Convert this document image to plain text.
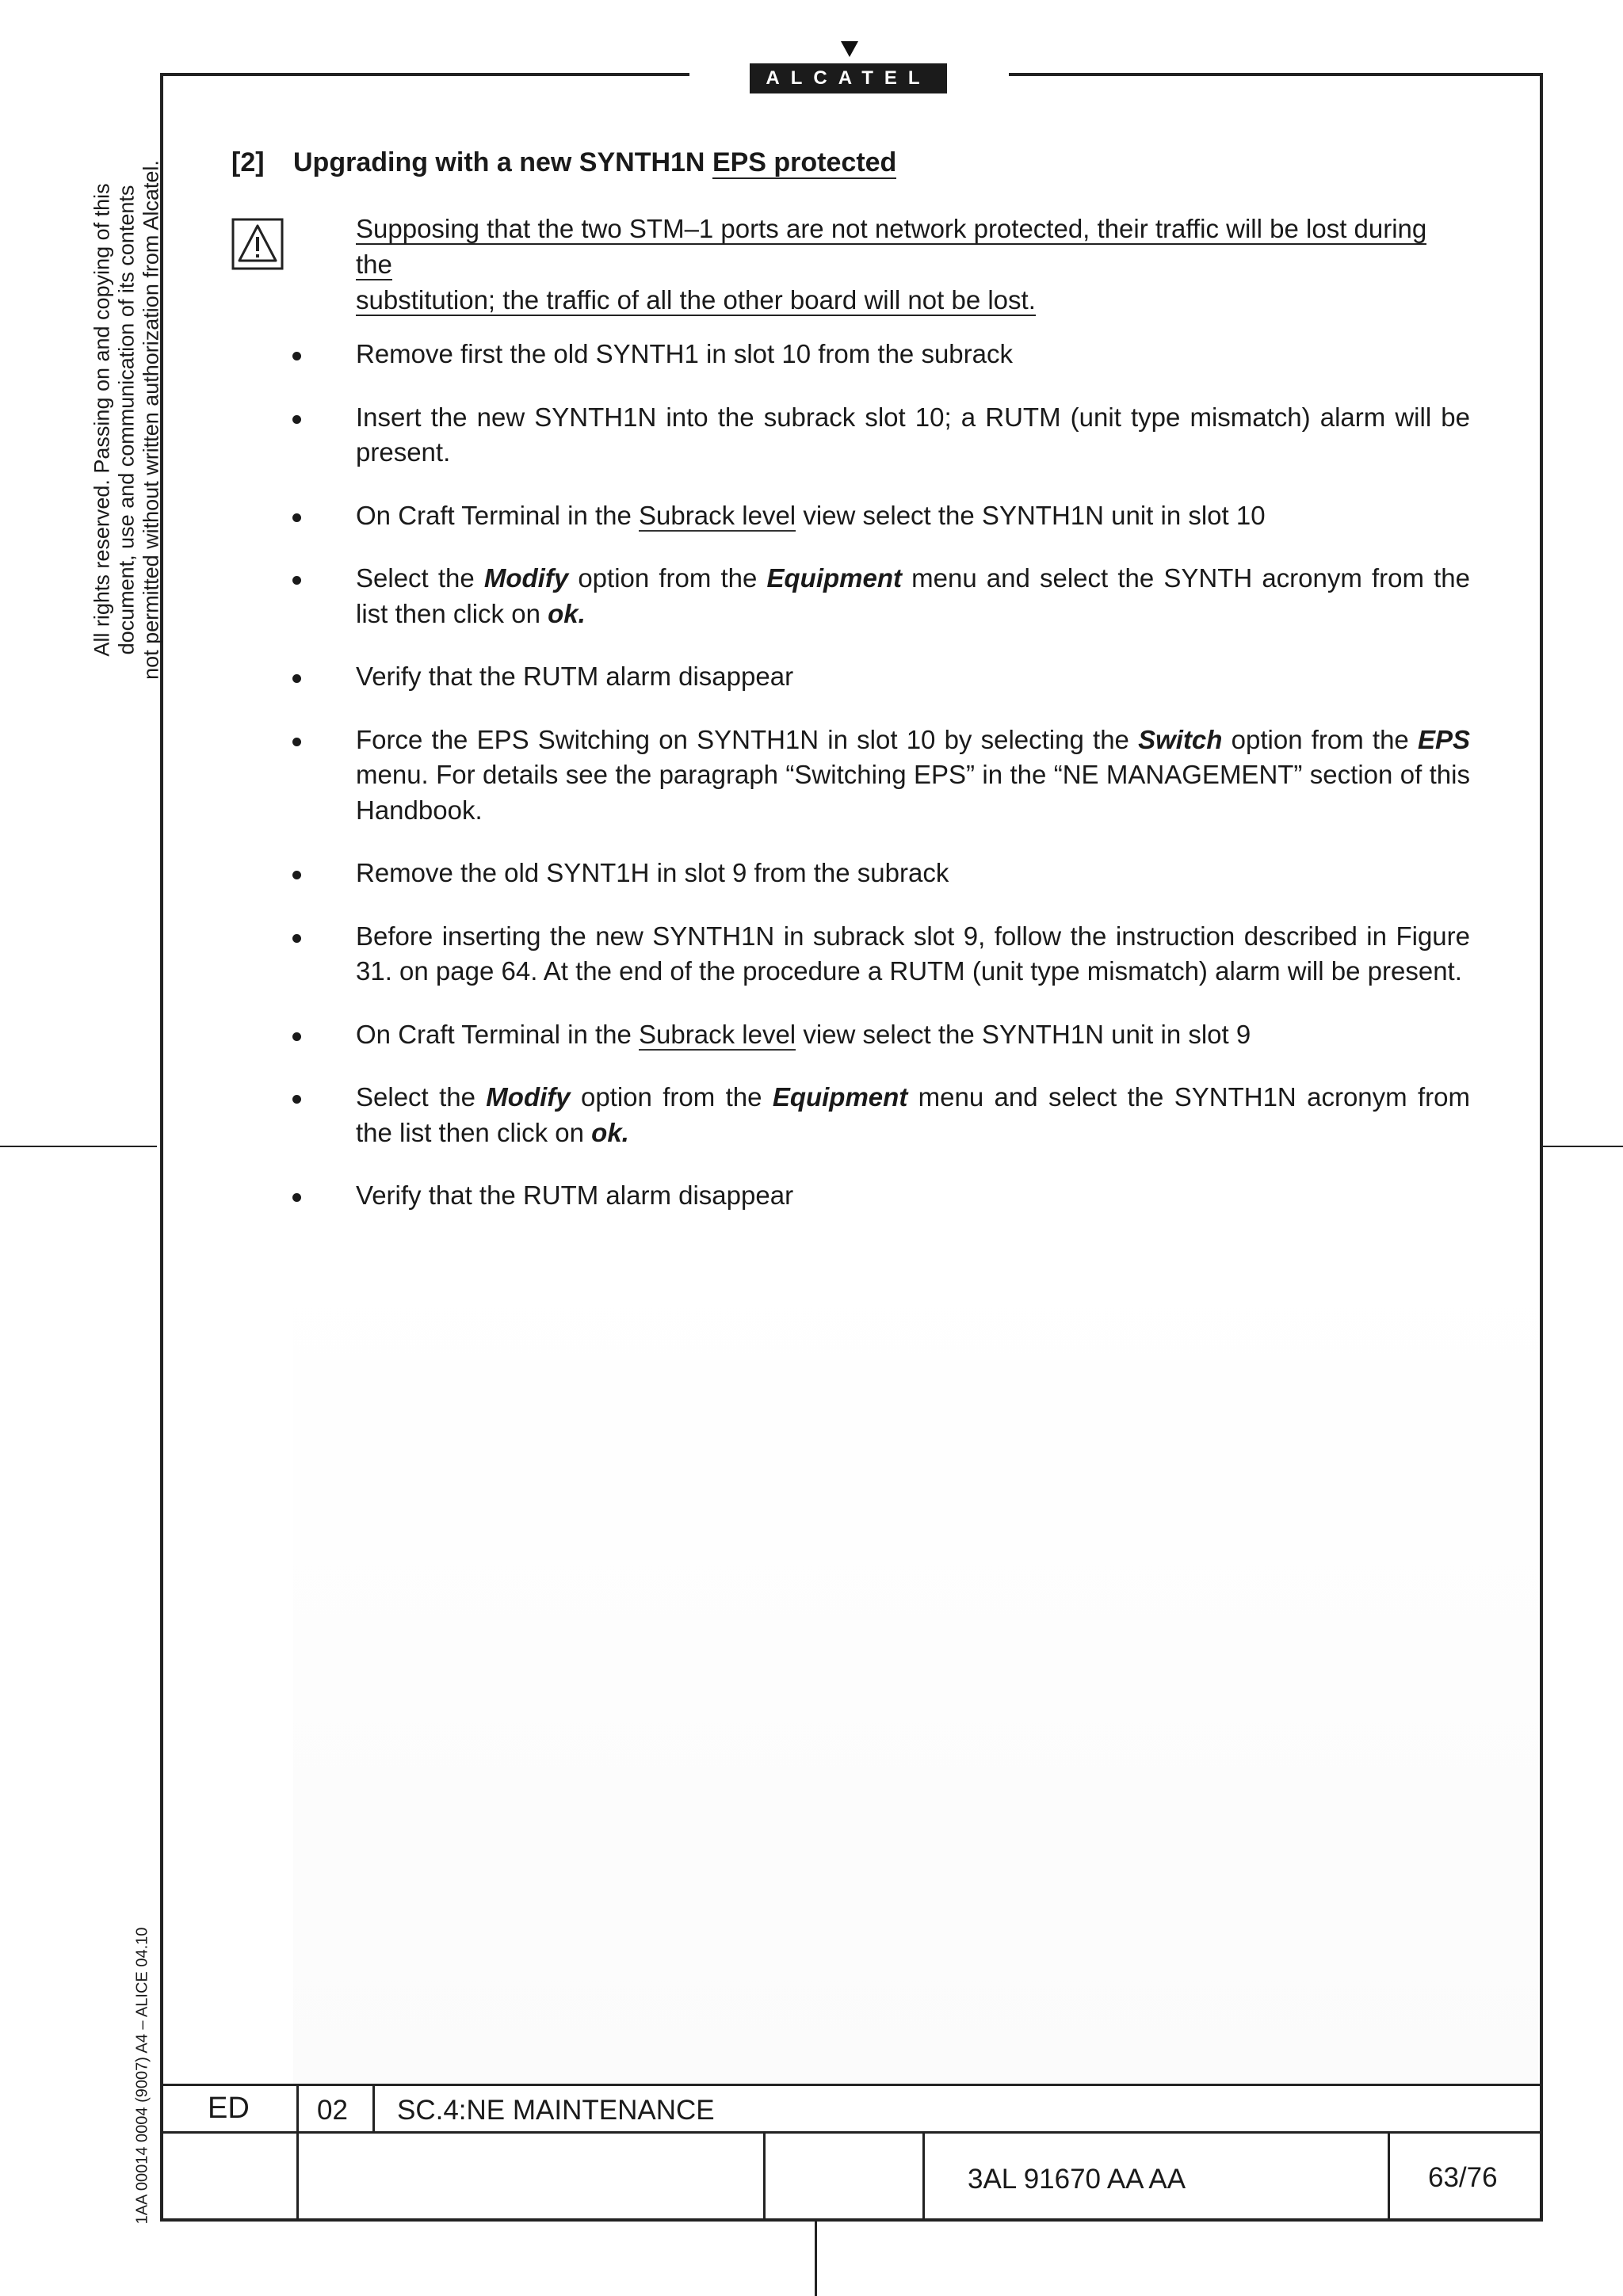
ALCATEL
All rights reserved. Passing on and copying of this document, use and communication of its contents not permitted without written authorization from Alcatel.
1AA 00014 0004 (9007) A4 – ALICE 04.10
[2] Upgrading with a new SYNTH1N EPS protected
Supposing that the two STM–1 ports are not network protected, their traffic will be lost during the
substitution; the traffic of all the other board will not be lost.
Remove first the old SYNTH1 in slot 10 from the subrack
Insert the new SYNTH1N into the subrack slot 10; a RUTM (unit type mismatch) alarm will be present.
On Craft Terminal in the Subrack level view select the SYNTH1N unit in slot 10
Select the Modify option from the Equipment menu and select the SYNTH acronym from the list then click on ok.
Verify that the RUTM alarm disappear
Force the EPS Switching on SYNTH1N in slot 10 by selecting the Switch option from the EPS menu. For details see the paragraph “Switching EPS” in the “NE MANAGEMENT” section of this Handbook.
Remove the old SYNT1H in slot 9 from the subrack
Before inserting the new SYNTH1N in subrack slot 9, follow the instruction described in Figure 31. on page 64. At the end of the procedure a RUTM (unit type mismatch) alarm will be present.
On Craft Terminal in the Subrack level view select the SYNTH1N unit in slot 9
Select the Modify option from the Equipment menu and select the SYNTH1N acronym from the list then click on ok.
Verify that the RUTM alarm disappear
ED 02 SC.4:NE MAINTENANCE
3AL 91670 AA AA	63/76
